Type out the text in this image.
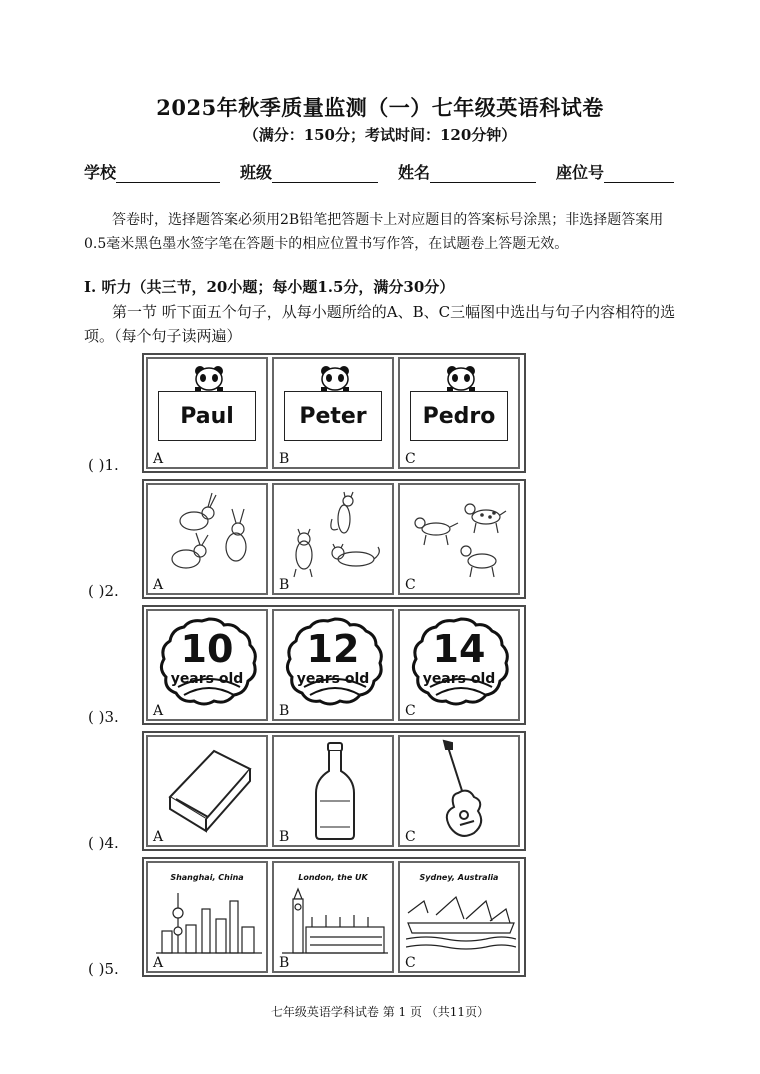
2025年秋季质量监测（一）七年级英语科试卷
（满分：150分；考试时间：120分钟）
学校	班级	姓名	座位号
答卷时，选择题答案必须用2B铅笔把答题卡上对应题目的答案标号涂黑；非选择题答案用0.5毫米黑色墨水签字笔在答题卡的相应位置书写作答，在试题卷上答题无效。
I. 听力（共三节，20小题；每小题1.5分，满分30分）
第一节 听下面五个句子，从每小题所给的A、B、C三幅图中选出与句子内容相符的选项。（每个句子读两遍）
( )1.
( )2.
( )3.
( )4.
( )5.
Paul
A
Peter
B
Pedro
C
A	B	C
10
years old
A
12
years old
B
14
years old
C
A	B	C
Shanghai, China
A
London, the UK
B
Sydney, Australia
C
七年级英语学科试卷 第 1 页 （共11页）
